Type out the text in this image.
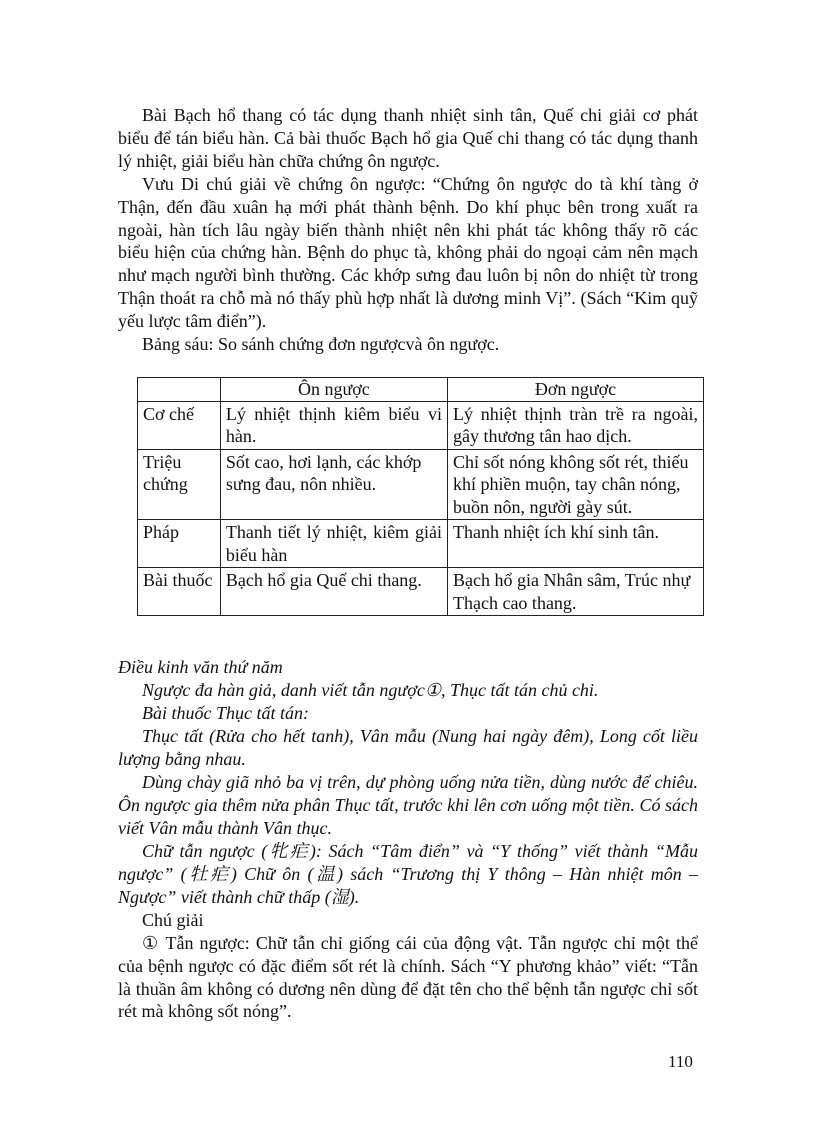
Bài Bạch hổ thang có tác dụng thanh nhiệt sinh tân, Quế chi giải cơ phát biểu để tán biểu hàn. Cả bài thuốc Bạch hổ gia Quế chi thang có tác dụng thanh lý nhiệt, giải biểu hàn chữa chứng ôn ngược.

Vưu Di chú giải về chứng ôn ngược: “Chứng ôn ngược do tà khí tàng ở Thận, đến đầu xuân hạ mới phát thành bệnh. Do khí phục bên trong xuất ra ngoài, hàn tích lâu ngày biến thành nhiệt nên khi phát tác không thấy rõ các biểu hiện của chứng hàn. Bệnh do phục tà, không phải do ngoại cảm nên mạch như mạch người bình thường. Các khớp sưng đau luôn bị nôn do nhiệt từ trong Thận thoát ra chỗ mà nó thấy phù hợp nhất là dương minh Vị”. (Sách “Kim quỹ yếu lược tâm điển”).

Bảng sáu: So sánh chứng đơn ngượcvà ôn ngược.

	Ôn ngược	Đơn ngược
Cơ chế	Lý nhiệt thịnh kiêm biểu vi hàn.	Lý nhiệt thịnh tràn trề ra ngoài, gây thương tân hao dịch.
Triệu chứng	Sốt cao, hơi lạnh, các khớp sưng đau, nôn nhiều.	Chỉ sốt nóng không sốt rét, thiếu khí phiền muộn, tay chân nóng, buồn nôn, người gày sút.
Pháp	Thanh tiết lý nhiệt, kiêm giải biểu hàn	Thanh nhiệt ích khí sinh tân.
Bài thuốc	Bạch hổ gia Quế chi thang.	Bạch hổ gia Nhân sâm, Trúc nhự Thạch cao thang.

Điều kinh văn thứ năm

Ngược đa hàn giả, danh viết tẫn ngược①, Thục tất tán chủ chi.

Bài thuốc Thục tất tán:

Thục tất (Rửa cho hết tanh), Vân mẫu (Nung hai ngày đêm), Long cốt liều lượng bằng nhau.

Dùng chày giã nhỏ ba vị trên, dự phòng uống nửa tiền, dùng nước để chiêu. Ôn ngược gia thêm nửa phân Thục tất, trước khi lên cơn uống một tiền. Có sách viết Vân mẫu thành Vân thục.

Chữ tẫn ngược (牝疟): Sách “Tâm điển” và “Y thống” viết thành “Mẫu ngược” (牡疟) Chữ ôn (温) sách “Trương thị Y thông – Hàn nhiệt môn – Ngược” viết thành chữ thấp (湿).

Chú giải

① Tẫn ngược: Chữ tẫn chỉ giống cái của động vật. Tẫn ngược chỉ một thể của bệnh ngược có đặc điểm sốt rét là chính. Sách “Y phương khảo” viết: “Tẫn là thuần âm không có dương nên dùng để đặt tên cho thể bệnh tẫn ngược chỉ sốt rét mà không sốt nóng”.

110
